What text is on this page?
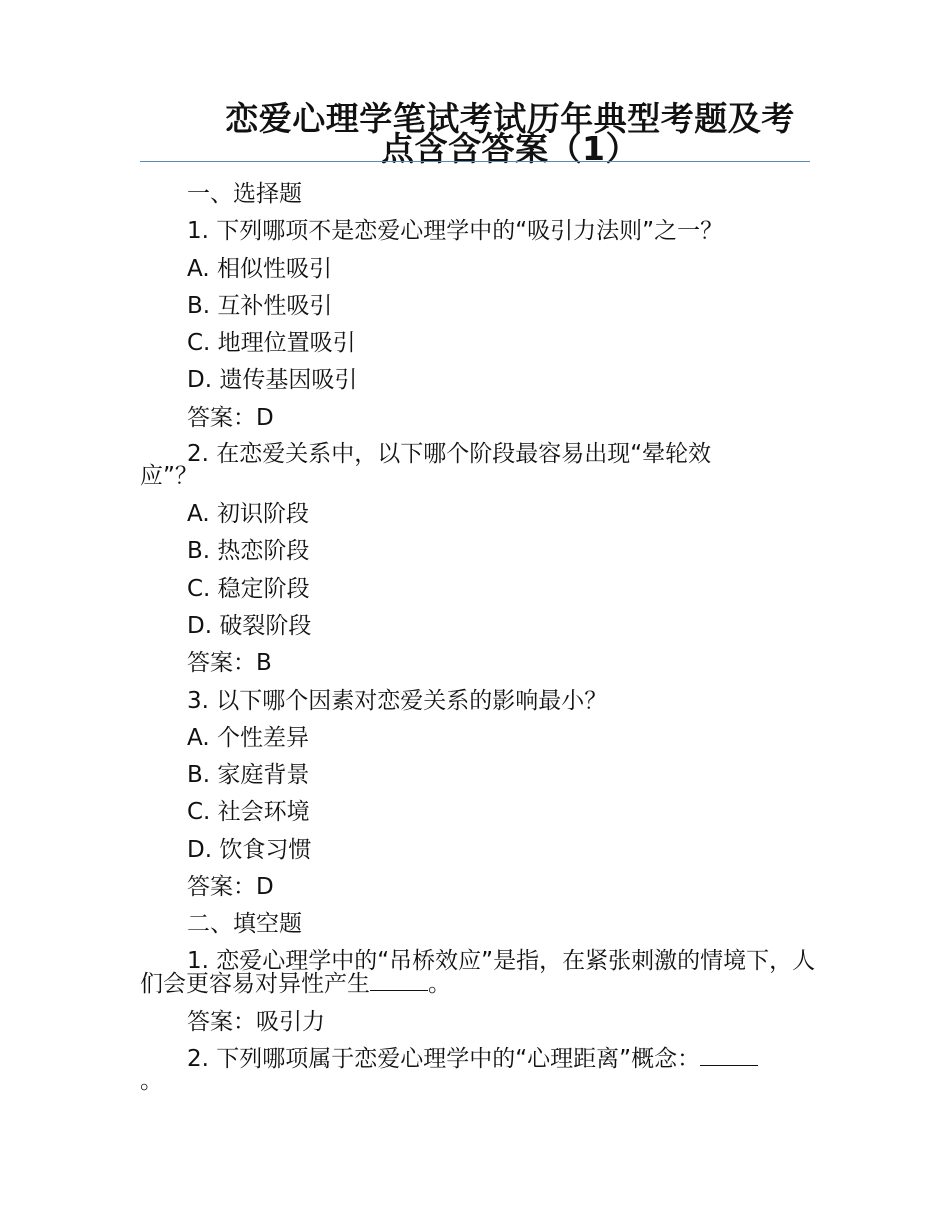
恋爱心理学笔试考试历年典型考题及考点含含答案（1）
一、选择题
1. 下列哪项不是恋爱心理学中的“吸引力法则”之一？
A. 相似性吸引
B. 互补性吸引
C. 地理位置吸引
D. 遗传基因吸引
答案：D
2. 在恋爱关系中，以下哪个阶段最容易出现“晕轮效应”？
A. 初识阶段
B. 热恋阶段
C. 稳定阶段
D. 破裂阶段
答案：B
3. 以下哪个因素对恋爱关系的影响最小？
A. 个性差异
B. 家庭背景
C. 社会环境
D. 饮食习惯
答案：D
二、填空题
1. 恋爱心理学中的“吊桥效应”是指，在紧张刺激的情境下，人们会更容易对异性产生	。
答案：吸引力
2. 下列哪项属于恋爱心理学中的“心理距离”概念：。
